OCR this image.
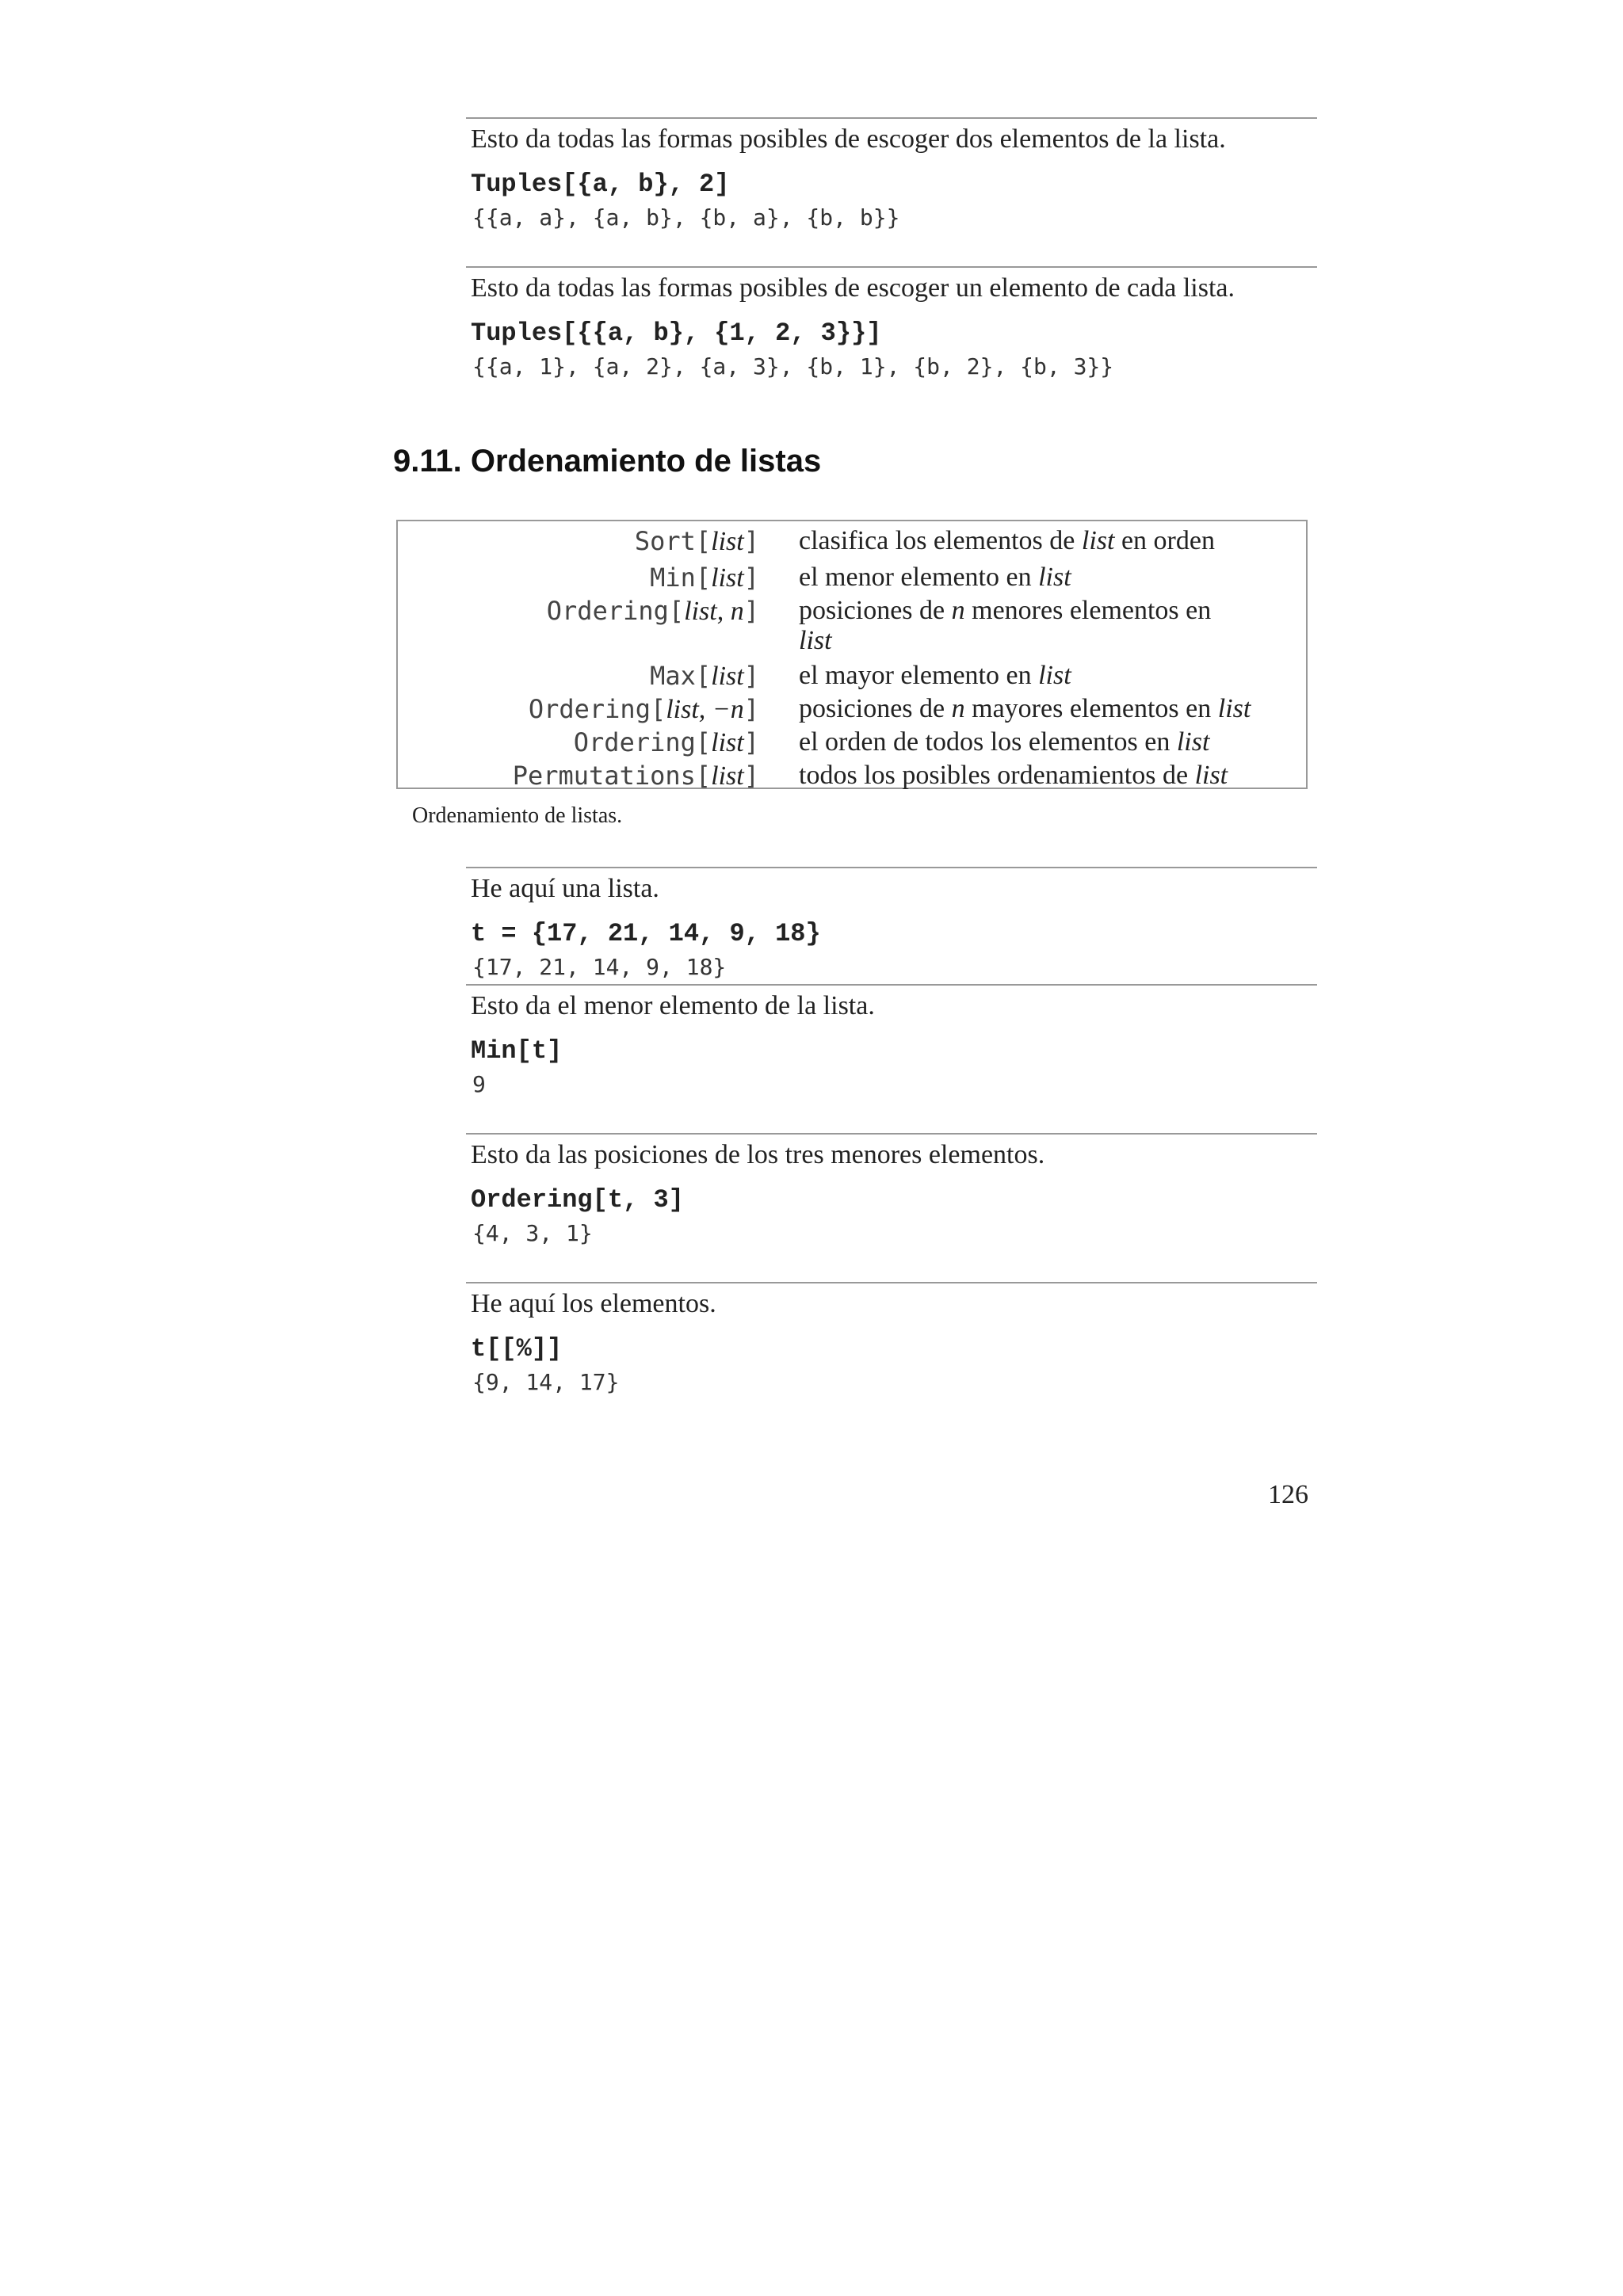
Esto da todas las formas posibles de escoger dos elementos de la lista.
Tuples[{a, b}, 2]
{{a, a}, {a, b}, {b, a}, {b, b}}
Esto da todas las formas posibles de escoger un elemento de cada lista.
Tuples[{{a, b}, {1, 2, 3}}]
{{a, 1}, {a, 2}, {a, 3}, {b, 1}, {b, 2}, {b, 3}}
9.11. Ordenamiento de listas
Sort[list] clasifica los elementos de list en orden
Min[list] el menor elemento en list
Ordering[list, n] posiciones de n menores elementos en
list
Max[list] el mayor elemento en list
Ordering[list, −n] posiciones de n mayores elementos en list
Ordering[list] el orden de todos los elementos en list
Permutations[list] todos los posibles ordenamientos de list
Ordenamiento de listas.
He aquí una lista.
t = {17, 21, 14, 9, 18}
{17, 21, 14, 9, 18}
Esto da el menor elemento de la lista.
Min[t]
9
Esto da las posiciones de los tres menores elementos.
Ordering[t, 3]
{4, 3, 1}
He aquí los elementos.
t[[%]]
{9, 14, 17}
126
